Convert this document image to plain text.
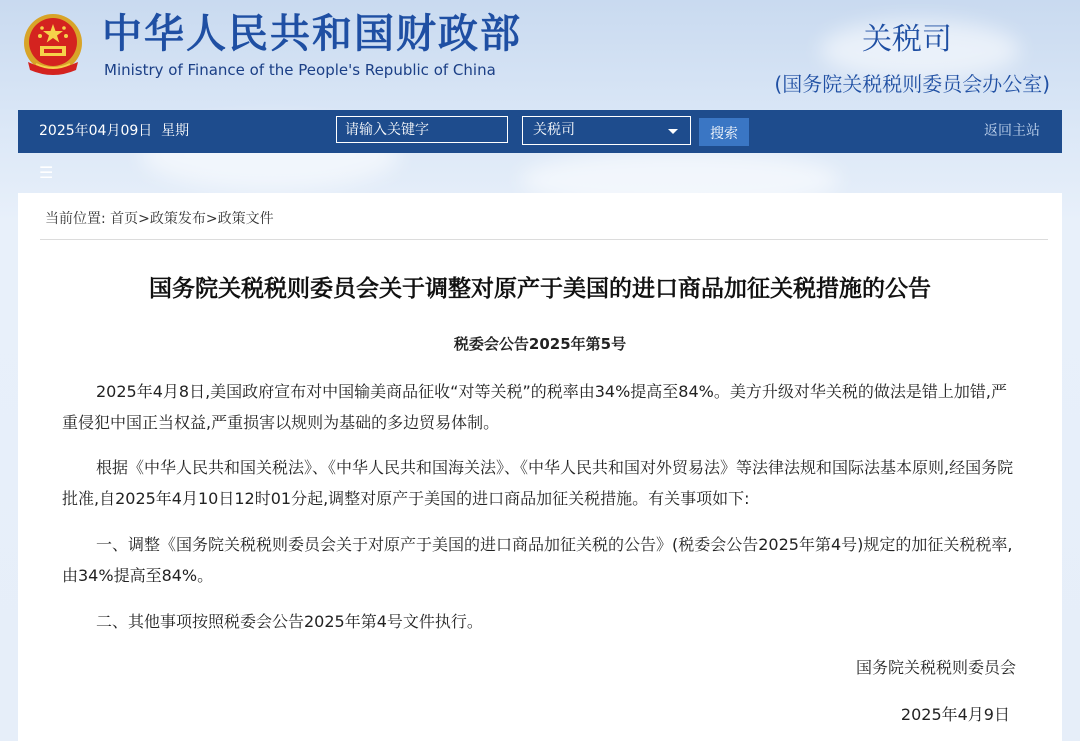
中华人民共和国财政部
Ministry of Finance of the People's Republic of China
关税司
(国务院关税税则委员会办公室)
2025年04月09日 星期
请输入关键字	关税司	搜索	返回主站
☰
当前位置: 首页>政策发布>政策文件
国务院关税税则委员会关于调整对原产于美国的进口商品加征关税措施的公告
税委会公告2025年第5号
2025年4月8日,美国政府宣布对中国输美商品征收“对等关税”的税率由34%提高至84%。美方升级对华关税的做法是错上加错,严重侵犯中国正当权益,严重损害以规则为基础的多边贸易体制。
根据《中华人民共和国关税法》、《中华人民共和国海关法》、《中华人民共和国对外贸易法》等法律法规和国际法基本原则,经国务院批准,自2025年4月10日12时01分起,调整对原产于美国的进口商品加征关税措施。有关事项如下:
一、调整《国务院关税税则委员会关于对原产于美国的进口商品加征关税的公告》(税委会公告2025年第4号)规定的加征关税税率,由34%提高至84%。
二、其他事项按照税委会公告2025年第4号文件执行。
国务院关税税则委员会
2025年4月9日
